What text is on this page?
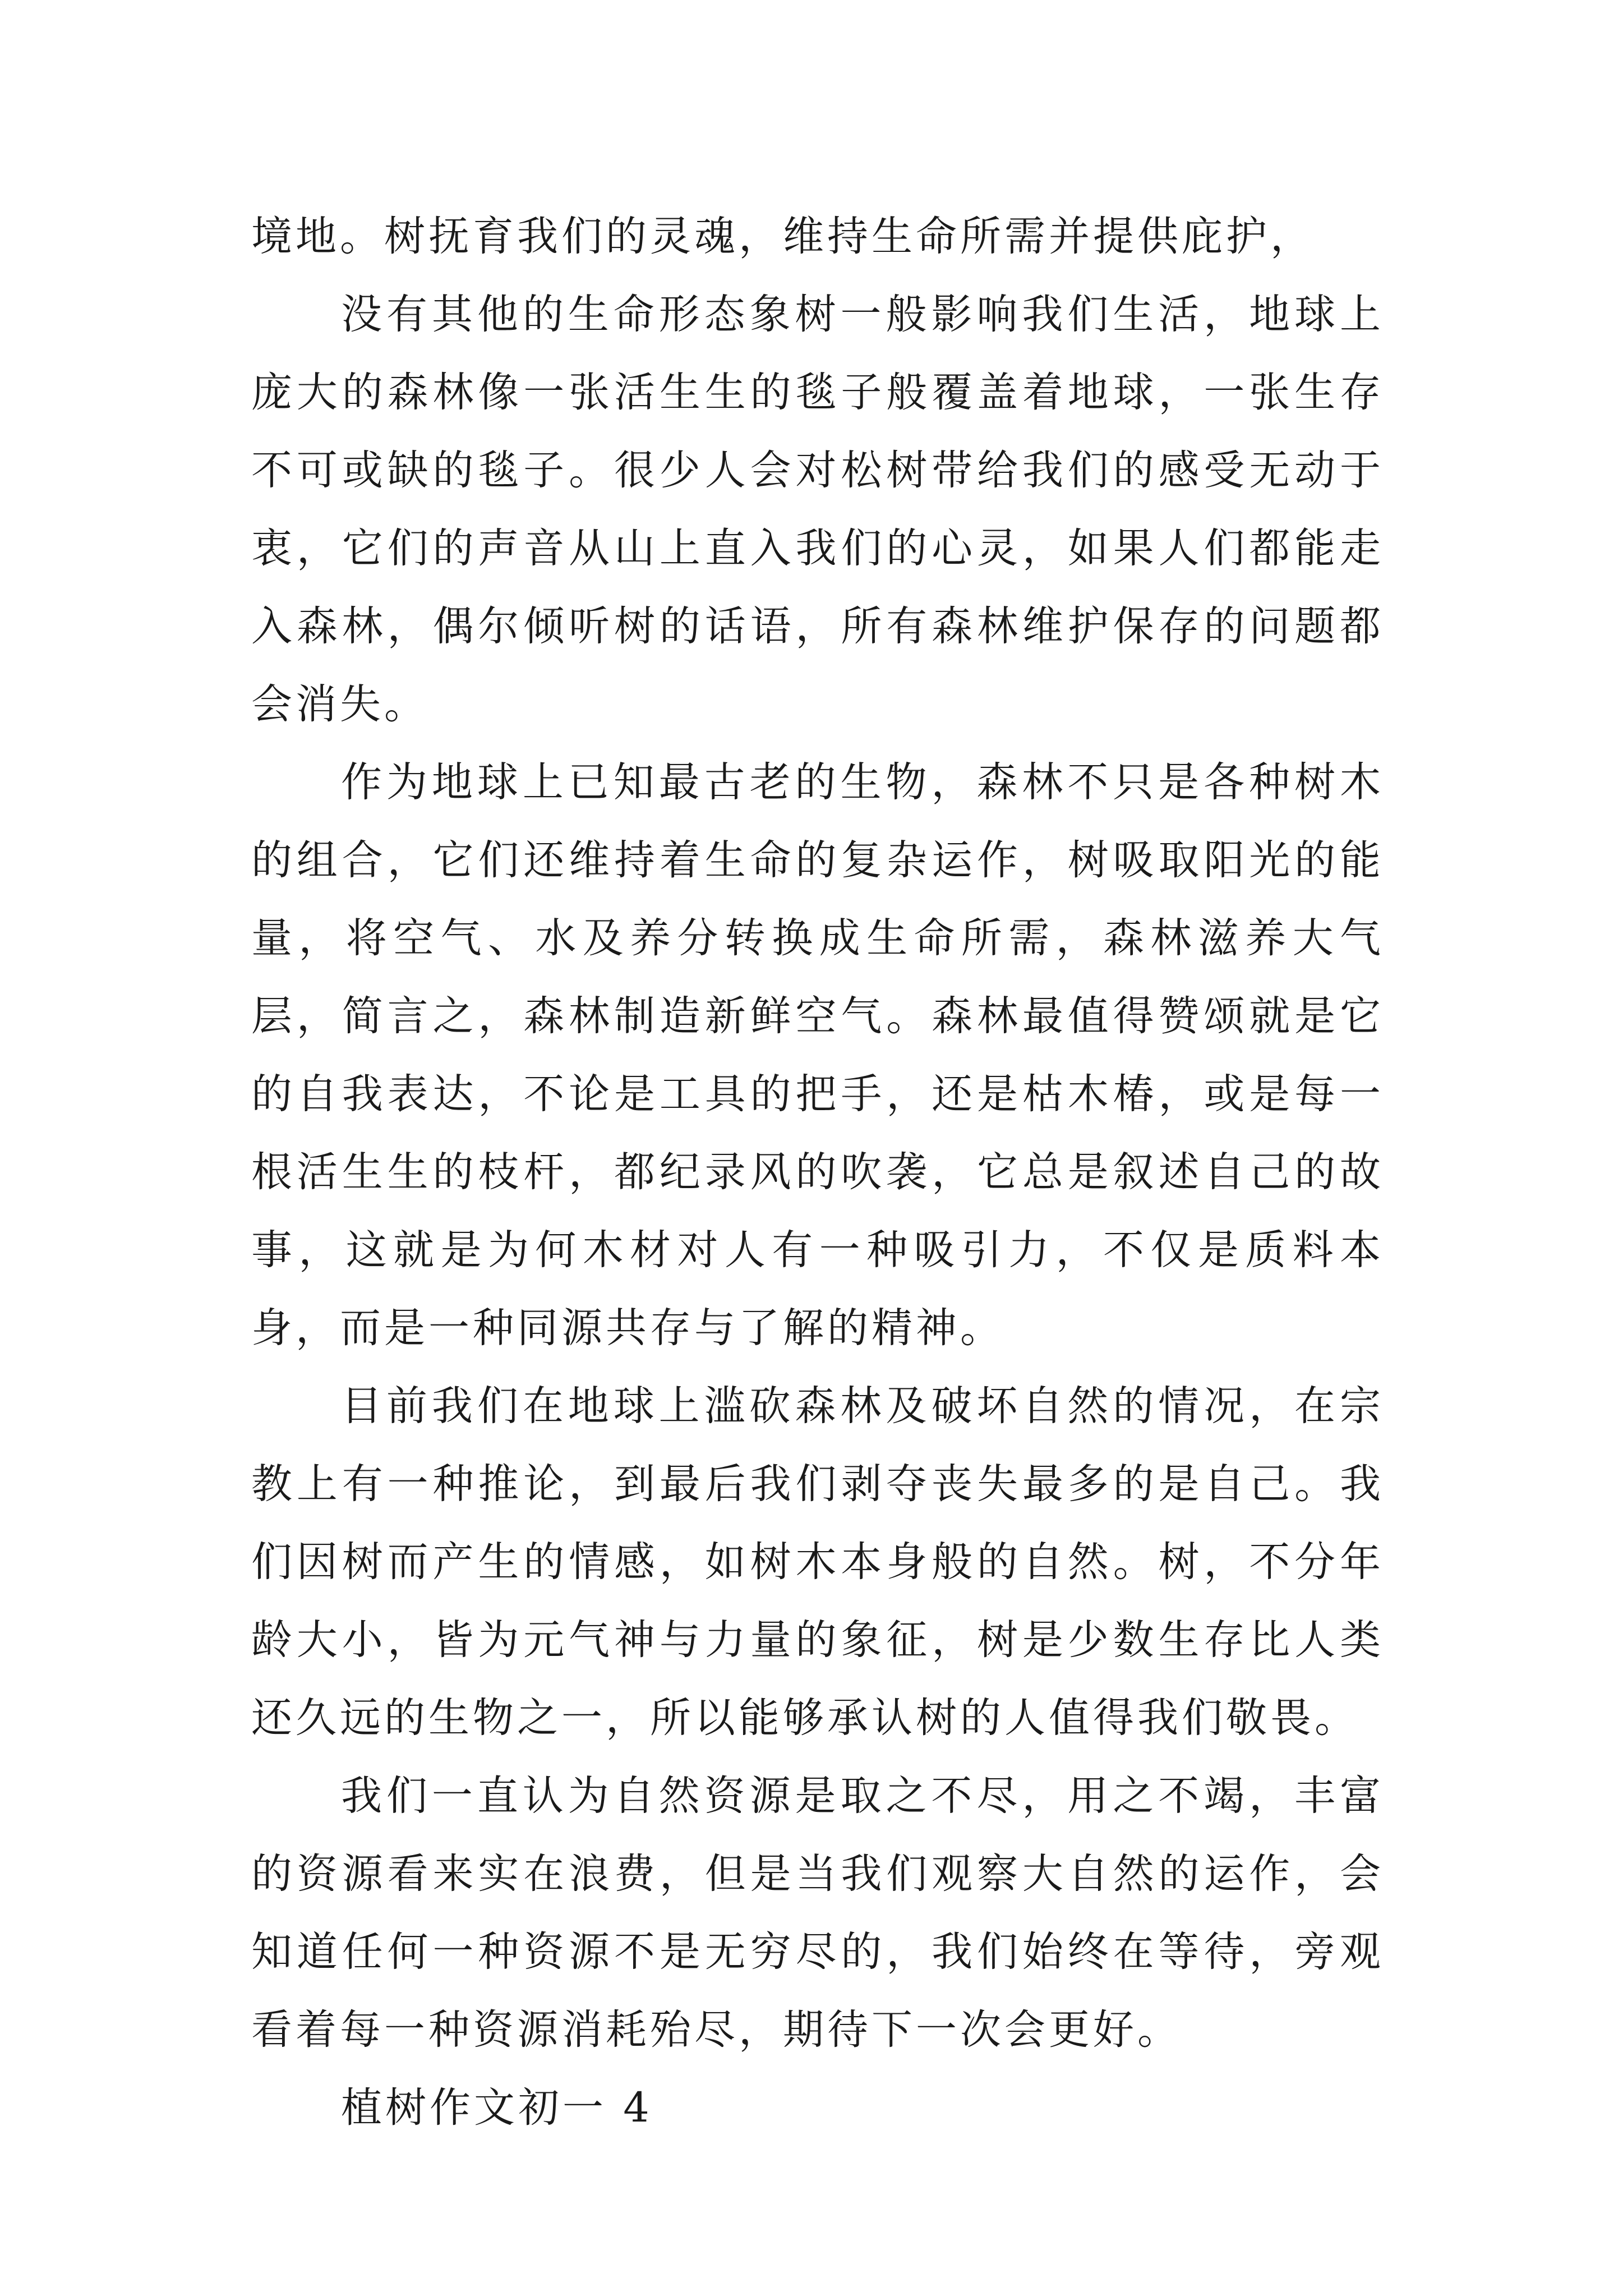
境地。树抚育我们的灵魂，维持生命所需并提供庇护，

没有其他的生命形态象树一般影响我们生活，地球上庞大的森林像一张活生生的毯子般覆盖着地球，一张生存不可或缺的毯子。很少人会对松树带给我们的感受无动于衷，它们的声音从山上直入我们的心灵，如果人们都能走入森林，偶尔倾听树的话语，所有森林维护保存的问题都会消失。

作为地球上已知最古老的生物，森林不只是各种树木的组合，它们还维持着生命的复杂运作，树吸取阳光的能量，将空气、水及养分转换成生命所需，森林滋养大气层，简言之，森林制造新鲜空气。森林最值得赞颂就是它的自我表达，不论是工具的把手，还是枯木椿，或是每一根活生生的枝杆，都纪录风的吹袭，它总是叙述自己的故事，这就是为何木材对人有一种吸引力，不仅是质料本身，而是一种同源共存与了解的精神。

目前我们在地球上滥砍森林及破坏自然的情况，在宗教上有一种推论，到最后我们剥夺丧失最多的是自己。我们因树而产生的情感，如树木本身般的自然。树，不分年龄大小，皆为元气神与力量的象征，树是少数生存比人类还久远的生物之一，所以能够承认树的人值得我们敬畏。

我们一直认为自然资源是取之不尽，用之不竭，丰富的资源看来实在浪费，但是当我们观察大自然的运作，会知道任何一种资源不是无穷尽的，我们始终在等待，旁观看着每一种资源消耗殆尽，期待下一次会更好。

植树作文初一 4
